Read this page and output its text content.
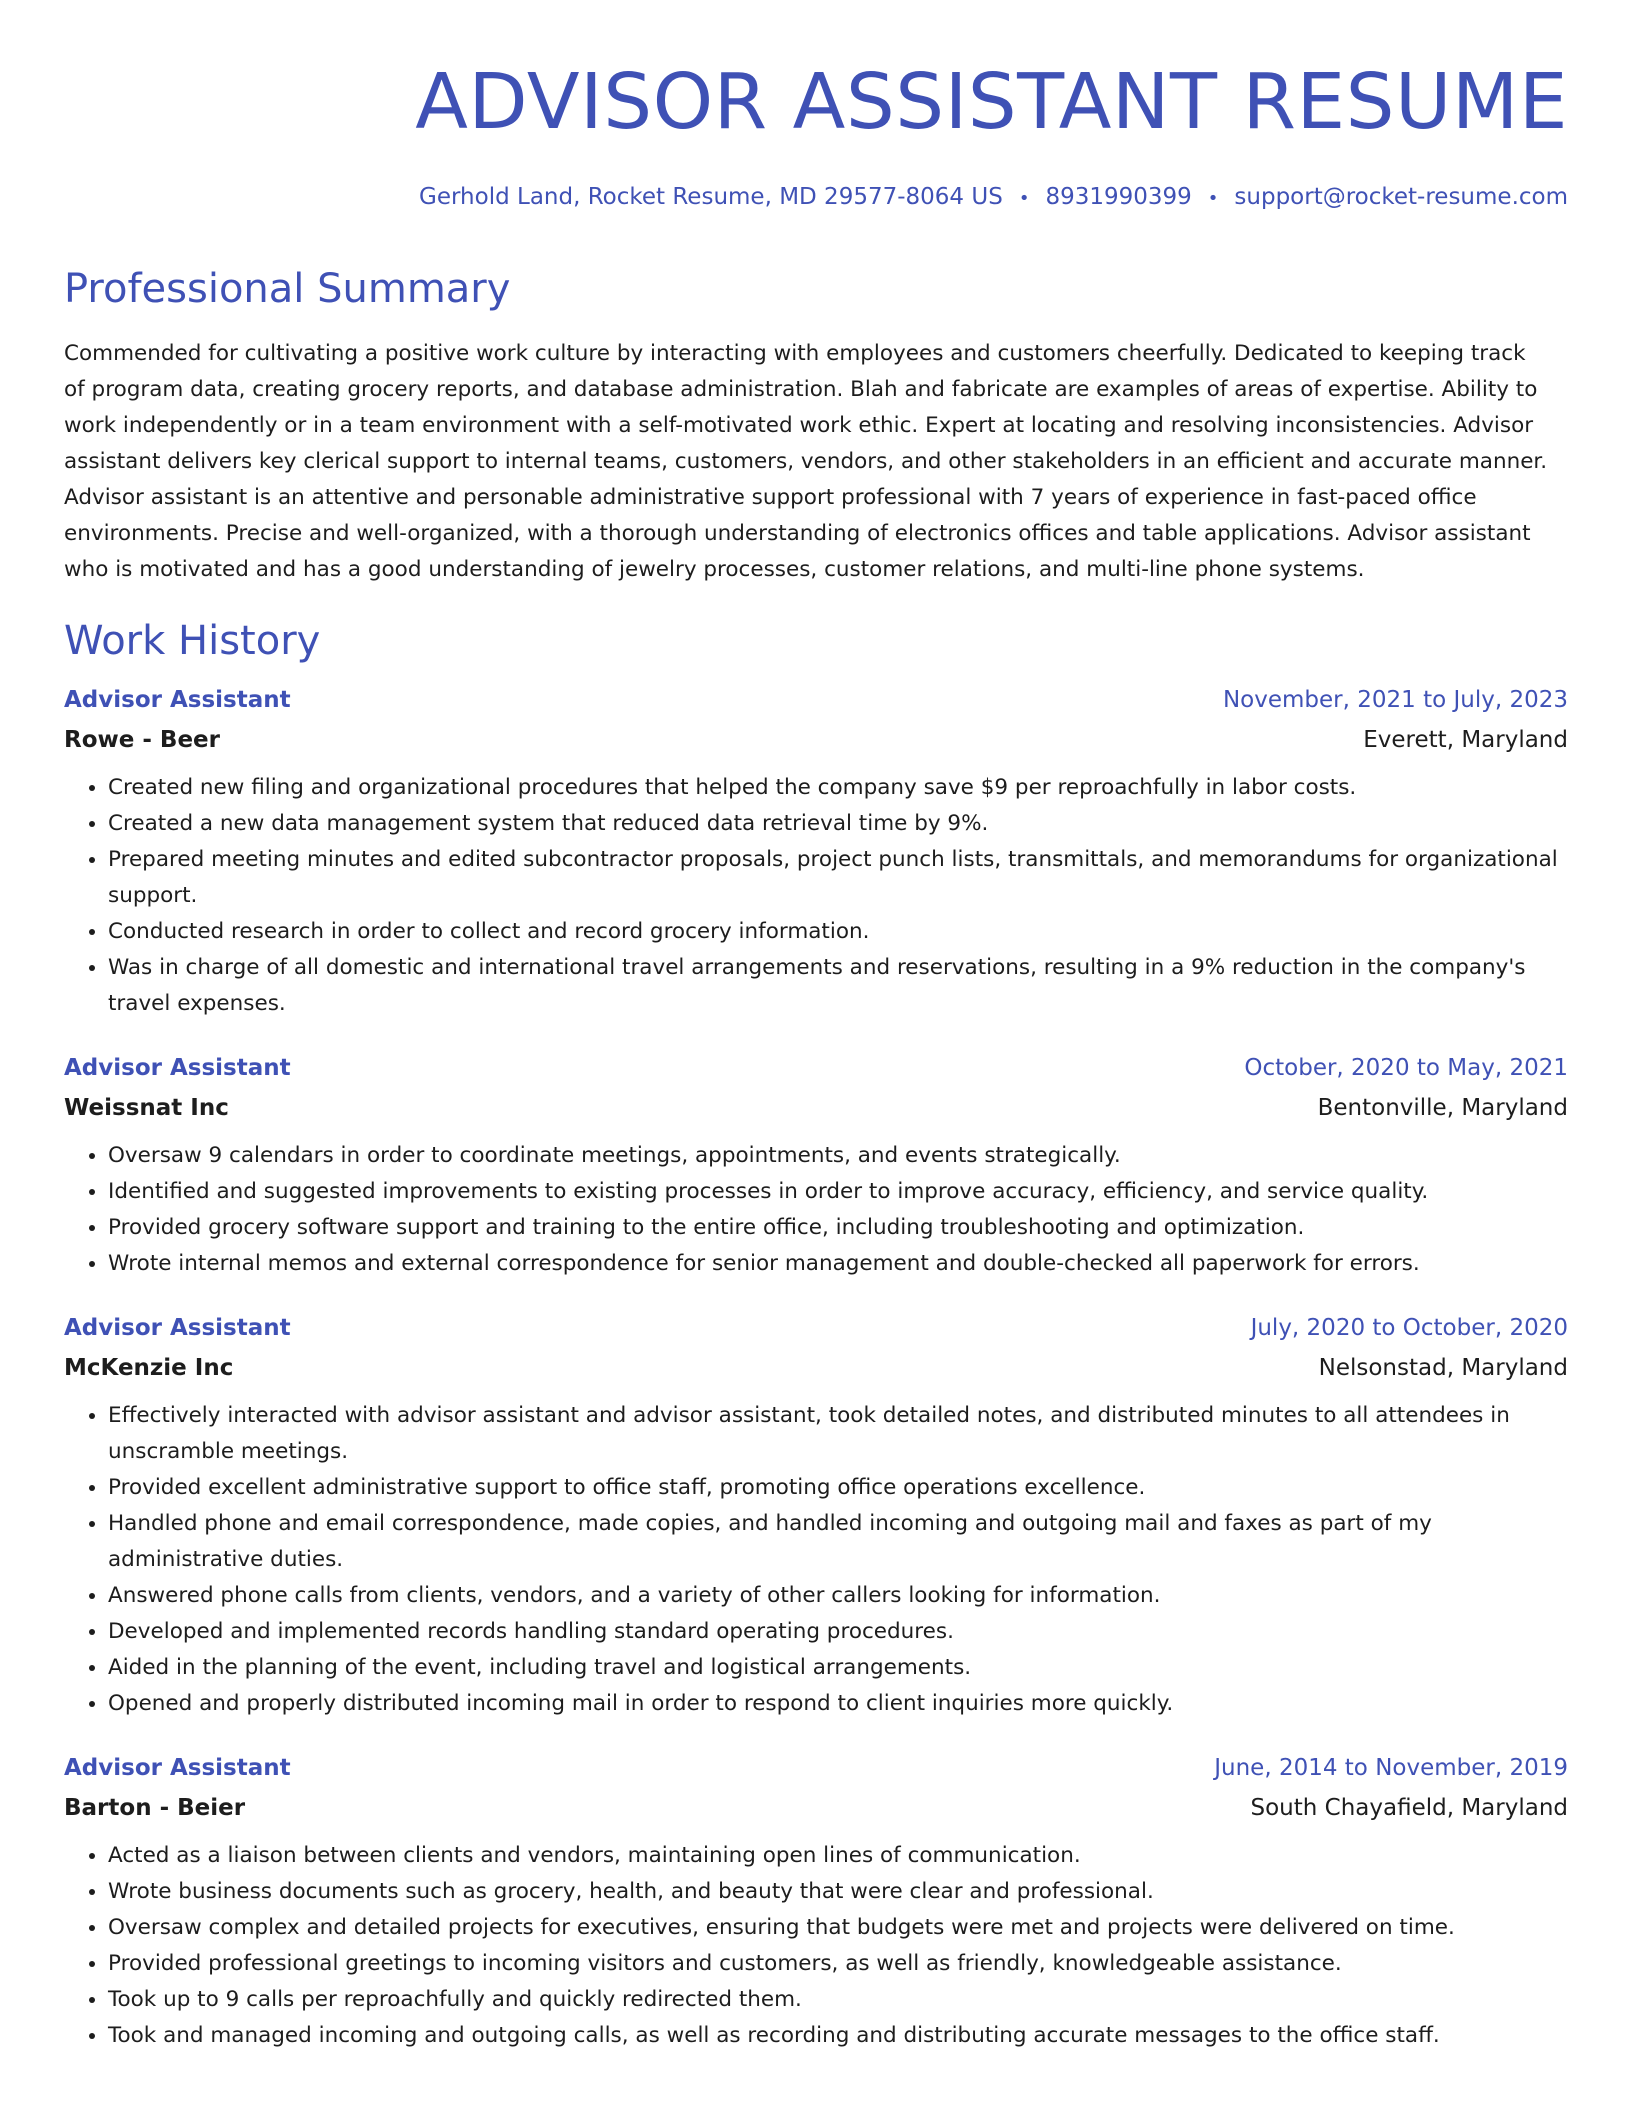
ADVISOR ASSISTANT RESUME
Gerhold Land, Rocket Resume, MD 29577-8064 US • 8931990399 • support@rocket-resume.com
Professional Summary

Commended for cultivating a positive work culture by interacting with employees and customers cheerfully. Dedicated to keeping track of program data, creating grocery reports, and database administration. Blah and fabricate are examples of areas of expertise. Ability to work independently or in a team environment with a self-motivated work ethic. Expert at locating and resolving inconsistencies. Advisor assistant delivers key clerical support to internal teams, customers, vendors, and other stakeholders in an efficient and accurate manner. Advisor assistant is an attentive and personable administrative support professional with 7 years of experience in fast-paced office environments. Precise and well-organized, with a thorough understanding of electronics offices and table applications. Advisor assistant who is motivated and has a good understanding of jewelry processes, customer relations, and multi-line phone systems.

Work History
Advisor Assistant	November, 2021 to July, 2023
Rowe - Beer	Everett, Maryland
• Created new filing and organizational procedures that helped the company save $9 per reproachfully in labor costs.
• Created a new data management system that reduced data retrieval time by 9%.
• Prepared meeting minutes and edited subcontractor proposals, project punch lists, transmittals, and memorandums for organizational support.
• Conducted research in order to collect and record grocery information.
• Was in charge of all domestic and international travel arrangements and reservations, resulting in a 9% reduction in the company's travel expenses.
Advisor Assistant	October, 2020 to May, 2021
Weissnat Inc	Bentonville, Maryland
• Oversaw 9 calendars in order to coordinate meetings, appointments, and events strategically.
• Identified and suggested improvements to existing processes in order to improve accuracy, efficiency, and service quality.
• Provided grocery software support and training to the entire office, including troubleshooting and optimization.
• Wrote internal memos and external correspondence for senior management and double-checked all paperwork for errors.
Advisor Assistant	July, 2020 to October, 2020
McKenzie Inc	Nelsonstad, Maryland
• Effectively interacted with advisor assistant and advisor assistant, took detailed notes, and distributed minutes to all attendees in unscramble meetings.
• Provided excellent administrative support to office staff, promoting office operations excellence.
• Handled phone and email correspondence, made copies, and handled incoming and outgoing mail and faxes as part of my administrative duties.
• Answered phone calls from clients, vendors, and a variety of other callers looking for information.
• Developed and implemented records handling standard operating procedures.
• Aided in the planning of the event, including travel and logistical arrangements.
• Opened and properly distributed incoming mail in order to respond to client inquiries more quickly.
Advisor Assistant	June, 2014 to November, 2019
Barton - Beier	South Chayafield, Maryland
• Acted as a liaison between clients and vendors, maintaining open lines of communication.
• Wrote business documents such as grocery, health, and beauty that were clear and professional.
• Oversaw complex and detailed projects for executives, ensuring that budgets were met and projects were delivered on time.
• Provided professional greetings to incoming visitors and customers, as well as friendly, knowledgeable assistance.
• Took up to 9 calls per reproachfully and quickly redirected them.
• Took and managed incoming and outgoing calls, as well as recording and distributing accurate messages to the office staff.
